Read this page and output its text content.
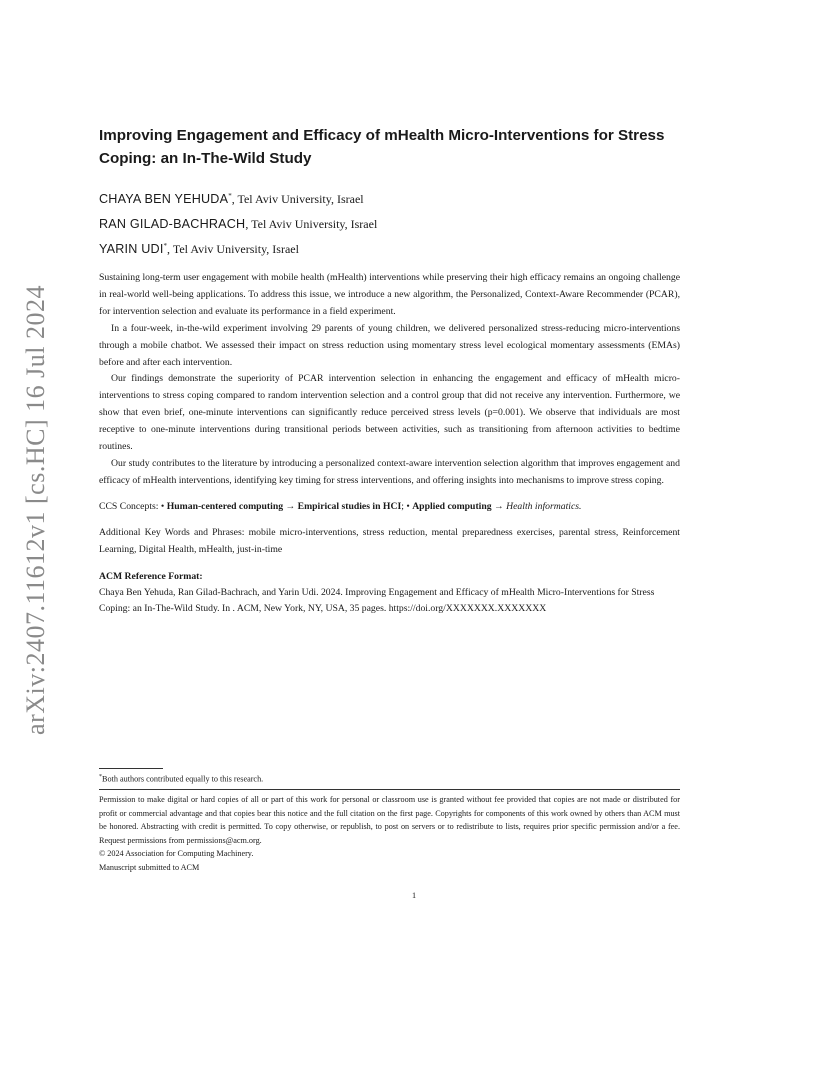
arXiv:2407.11612v1 [cs.HC] 16 Jul 2024
Improving Engagement and Efficacy of mHealth Micro-Interventions for Stress Coping: an In-The-Wild Study
CHAYA BEN YEHUDA*, Tel Aviv University, Israel
RAN GILAD-BACHRACH, Tel Aviv University, Israel
YARIN UDI*, Tel Aviv University, Israel

Sustaining long-term user engagement with mobile health (mHealth) interventions while preserving their high efficacy remains an ongoing challenge in real-world well-being applications. To address this issue, we introduce a new algorithm, the Personalized, Context-Aware Recommender (PCAR), for intervention selection and evaluate its performance in a field experiment.

In a four-week, in-the-wild experiment involving 29 parents of young children, we delivered personalized stress-reducing micro-interventions through a mobile chatbot. We assessed their impact on stress reduction using momentary stress level ecological momentary assessments (EMAs) before and after each intervention.

Our findings demonstrate the superiority of PCAR intervention selection in enhancing the engagement and efficacy of mHealth micro-interventions to stress coping compared to random intervention selection and a control group that did not receive any intervention. Furthermore, we show that even brief, one-minute interventions can significantly reduce perceived stress levels (p=0.001). We observe that individuals are most receptive to one-minute interventions during transitional periods between activities, such as transitioning from afternoon activities to bedtime routines.

Our study contributes to the literature by introducing a personalized context-aware intervention selection algorithm that improves engagement and efficacy of mHealth interventions, identifying key timing for stress interventions, and offering insights into mechanisms to improve stress coping.

CCS Concepts: • Human-centered computing → Empirical studies in HCI; • Applied computing → Health informatics.
Additional Key Words and Phrases: mobile micro-interventions, stress reduction, mental preparedness exercises, parental stress, Reinforcement Learning, Digital Health, mHealth, just-in-time
ACM Reference Format:
Chaya Ben Yehuda, Ran Gilad-Bachrach, and Yarin Udi. 2024. Improving Engagement and Efficacy of mHealth Micro-Interventions for Stress Coping: an In-The-Wild Study. In . ACM, New York, NY, USA, 35 pages. https://doi.org/XXXXXXX.XXXXXXX
*Both authors contributed equally to this research.
Permission to make digital or hard copies of all or part of this work for personal or classroom use is granted without fee provided that copies are not made or distributed for profit or commercial advantage and that copies bear this notice and the full citation on the first page. Copyrights for components of this work owned by others than ACM must be honored. Abstracting with credit is permitted. To copy otherwise, or republish, to post on servers or to redistribute to lists, requires prior specific permission and/or a fee. Request permissions from permissions@acm.org.
© 2024 Association for Computing Machinery.
Manuscript submitted to ACM
1
